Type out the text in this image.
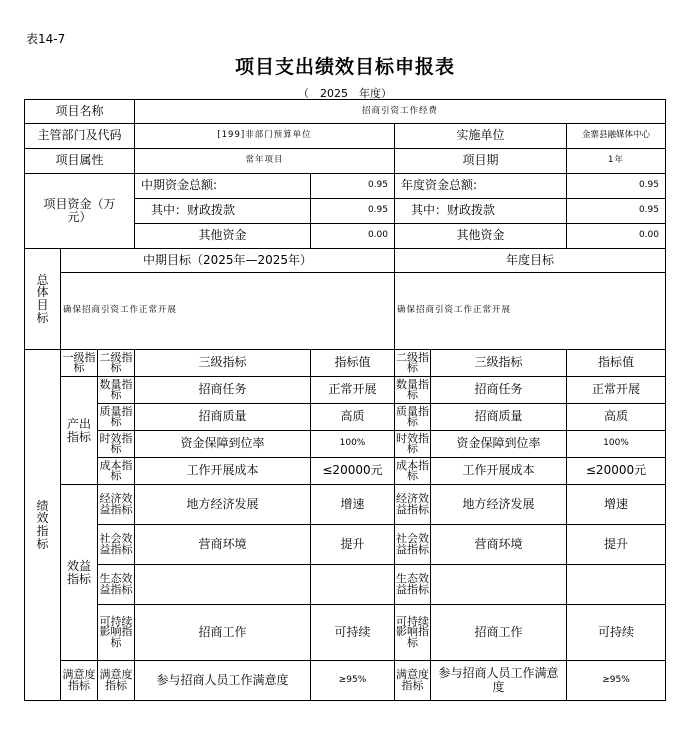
表14-7
项目支出绩效目标申报表
（　2025　年度）
项目名称			招商引资工作经费				
主管部门及代码			[199]非部门预算单位		实施单位		金寨县融媒体中心
项目属性			常年项目		项目期		1年
项目资金（万元）			中期资金总额:	0.95	年度资金总额:		0.95
			其中：财政拨款	0.95	其中：财政拨款		0.95
			其他资金	0.00	其他资金		0.00
总体目标	中期目标（2025年—2025年）				年度目标		
	确保招商引资工作正常开展				确保招商引资工作正常开展		
绩效指标	一级指标	二级指标	三级指标	指标值	二级指标	三级指标	指标值
	产出指标	数量指标	招商任务	正常开展	数量指标	招商任务	正常开展
		质量指标	招商质量	高质	质量指标	招商质量	高质
		时效指标	资金保障到位率	100%	时效指标	资金保障到位率	100%
		成本指标	工作开展成本	≤20000元	成本指标	工作开展成本	≤20000元
	效益指标	经济效益指标	地方经济发展	增速	经济效益指标	地方经济发展	增速
		社会效益指标	营商环境	提升	社会效益指标	营商环境	提升
		生态效益指标			生态效益指标		
		可持续影响指标	招商工作	可持续	可持续影响指标	招商工作	可持续
	满意度指标	满意度指标	参与招商人员工作满意度	≥95%	满意度指标	参与招商人员工作满意度	≥95%
